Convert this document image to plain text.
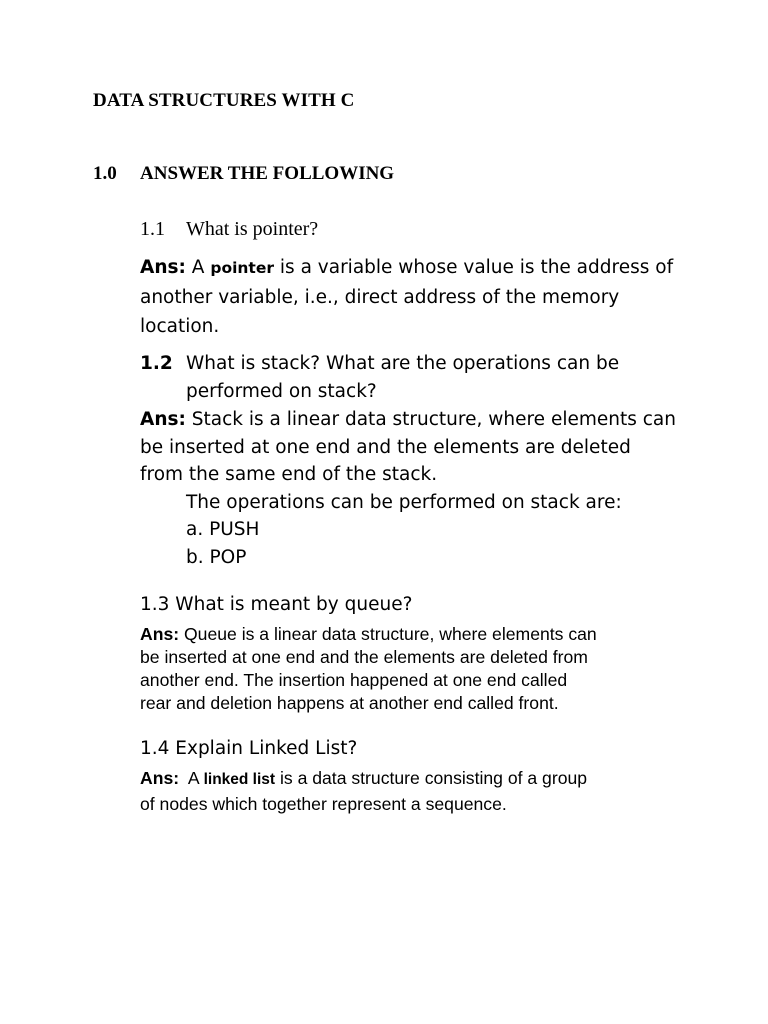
DATA STRUCTURES WITH C
1.0 ANSWER THE FOLLOWING
1.1 What is pointer?
Ans: A pointer is a variable whose value is the address of
another variable, i.e., direct address of the memory
location.
1.2 What is stack? What are the operations can be
performed on stack?
Ans: Stack is a linear data structure, where elements can
be inserted at one end and the elements are deleted
from the same end of the stack.
The operations can be performed on stack are:
a. PUSH
b. POP
1.3 What is meant by queue?
Ans: Queue is a linear data structure, where elements can
be inserted at one end and the elements are deleted from
another end. The insertion happened at one end called
rear and deletion happens at another end called front.
1.4 Explain Linked List?
Ans: A linked list is a data structure consisting of a group
of nodes which together represent a sequence.
